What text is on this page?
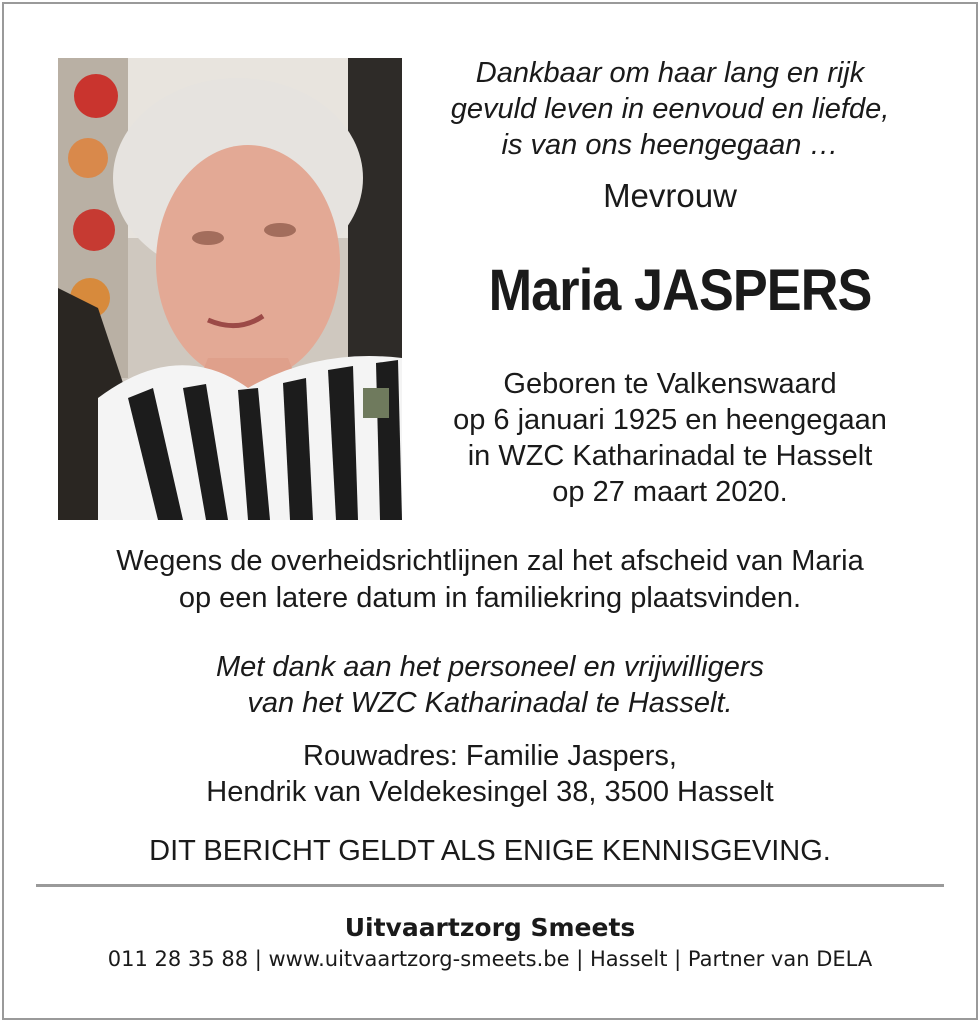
Dankbaar om haar lang en rijk
gevuld leven in eenvoud en liefde,
is van ons heengegaan …
Mevrouw
Maria JASPERS
Geboren te Valkenswaard
op 6 januari 1925 en heengegaan
in WZC Katharinadal te Hasselt
op 27 maart 2020.
Wegens de overheidsrichtlijnen zal het afscheid van Maria
op een latere datum in familiekring plaatsvinden.
Met dank aan het personeel en vrijwilligers
van het WZC Katharinadal te Hasselt.
Rouwadres: Familie Jaspers,
Hendrik van Veldekesingel 38, 3500 Hasselt
DIT BERICHT GELDT ALS ENIGE KENNISGEVING.
Uitvaartzorg Smeets
011 28 35 88 | www.uitvaartzorg-smeets.be | Hasselt | Partner van DELA
